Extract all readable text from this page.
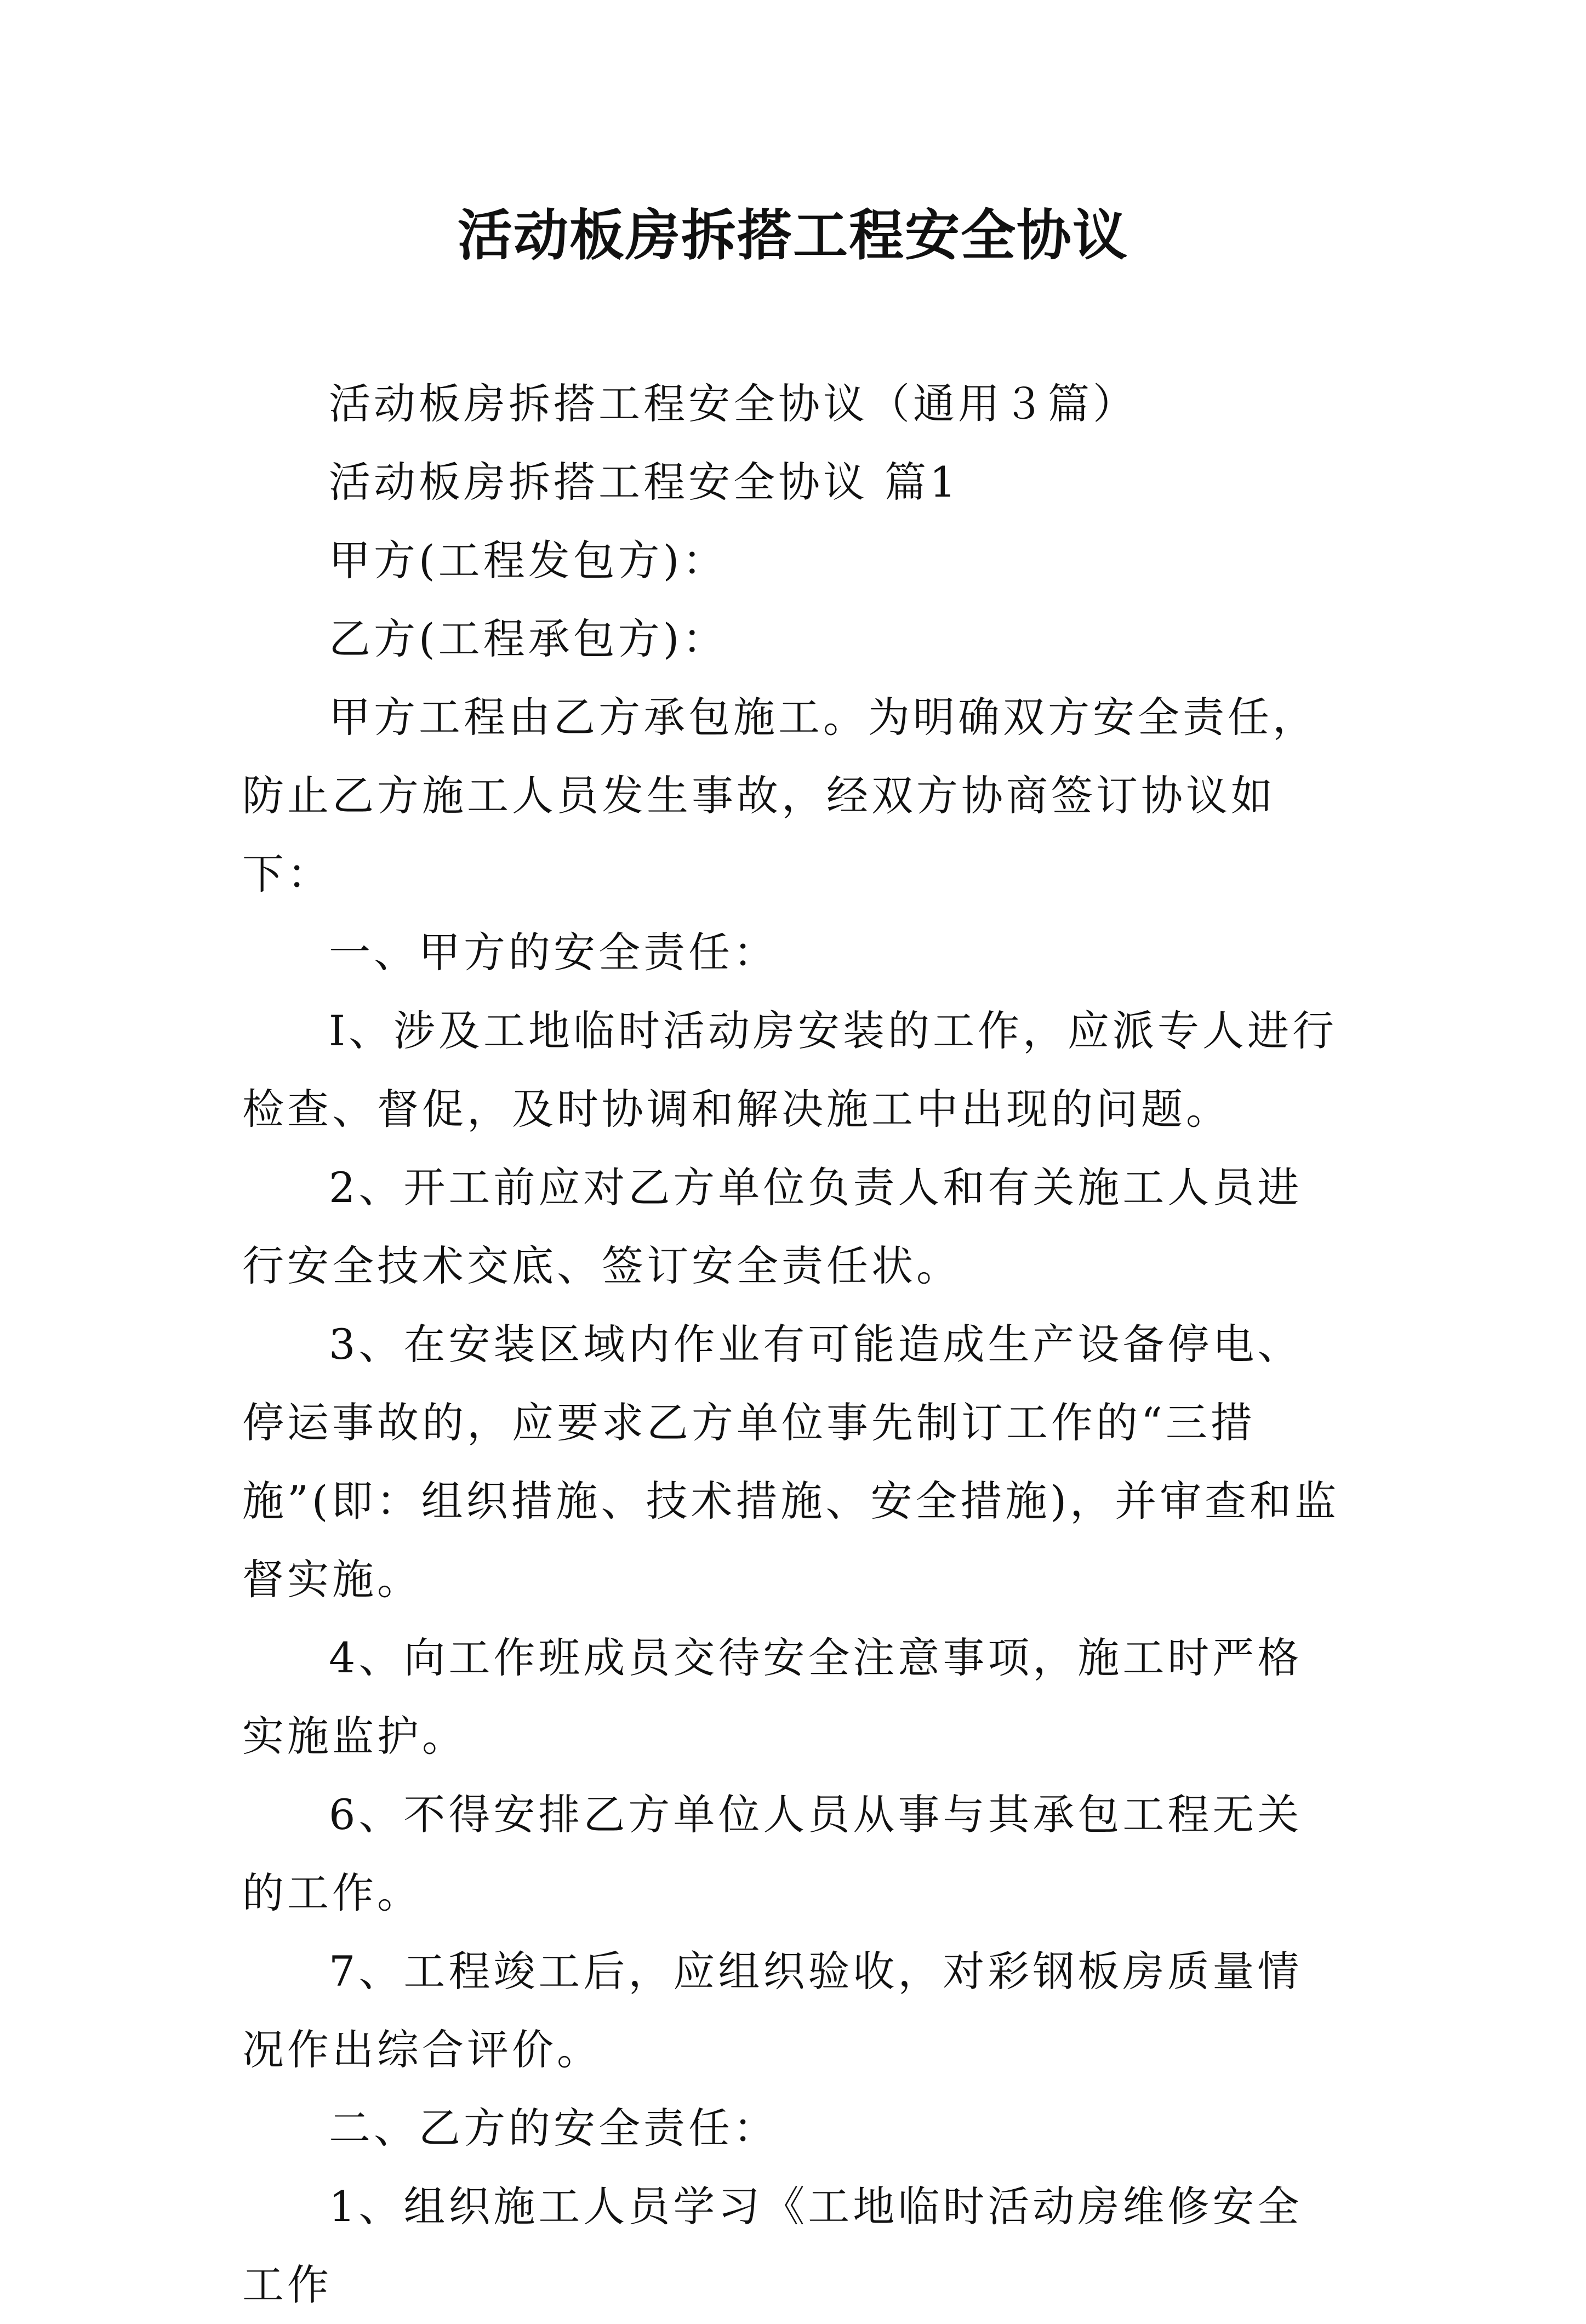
活动板房拆搭工程安全协议

活动板房拆搭工程安全协议（通用３篇）

活动板房拆搭工程安全协议 篇1

甲方(工程发包方)：

乙方(工程承包方)：

甲方工程由乙方承包施工。为明确双方安全责任，防止乙方施工人员发生事故，经双方协商签订协议如下：

一、甲方的安全责任：

I、涉及工地临时活动房安装的工作，应派专人进行检查、督促，及时协调和解决施工中出现的问题。

2、开工前应对乙方单位负责人和有关施工人员进行安全技术交底、签订安全责任状。

3、在安装区域内作业有可能造成生产设备停电、停运事故的，应要求乙方单位事先制订工作的“三措施”(即：组织措施、技术措施、安全措施)，并审查和监督实施。

4、向工作班成员交待安全注意事项，施工时严格实施监护。

6、不得安排乙方单位人员从事与其承包工程无关的工作。

7、工程竣工后，应组织验收，对彩钢板房质量情况作出综合评价。

二、乙方的安全责任：

1、组织施工人员学习《工地临时活动房维修安全工作
